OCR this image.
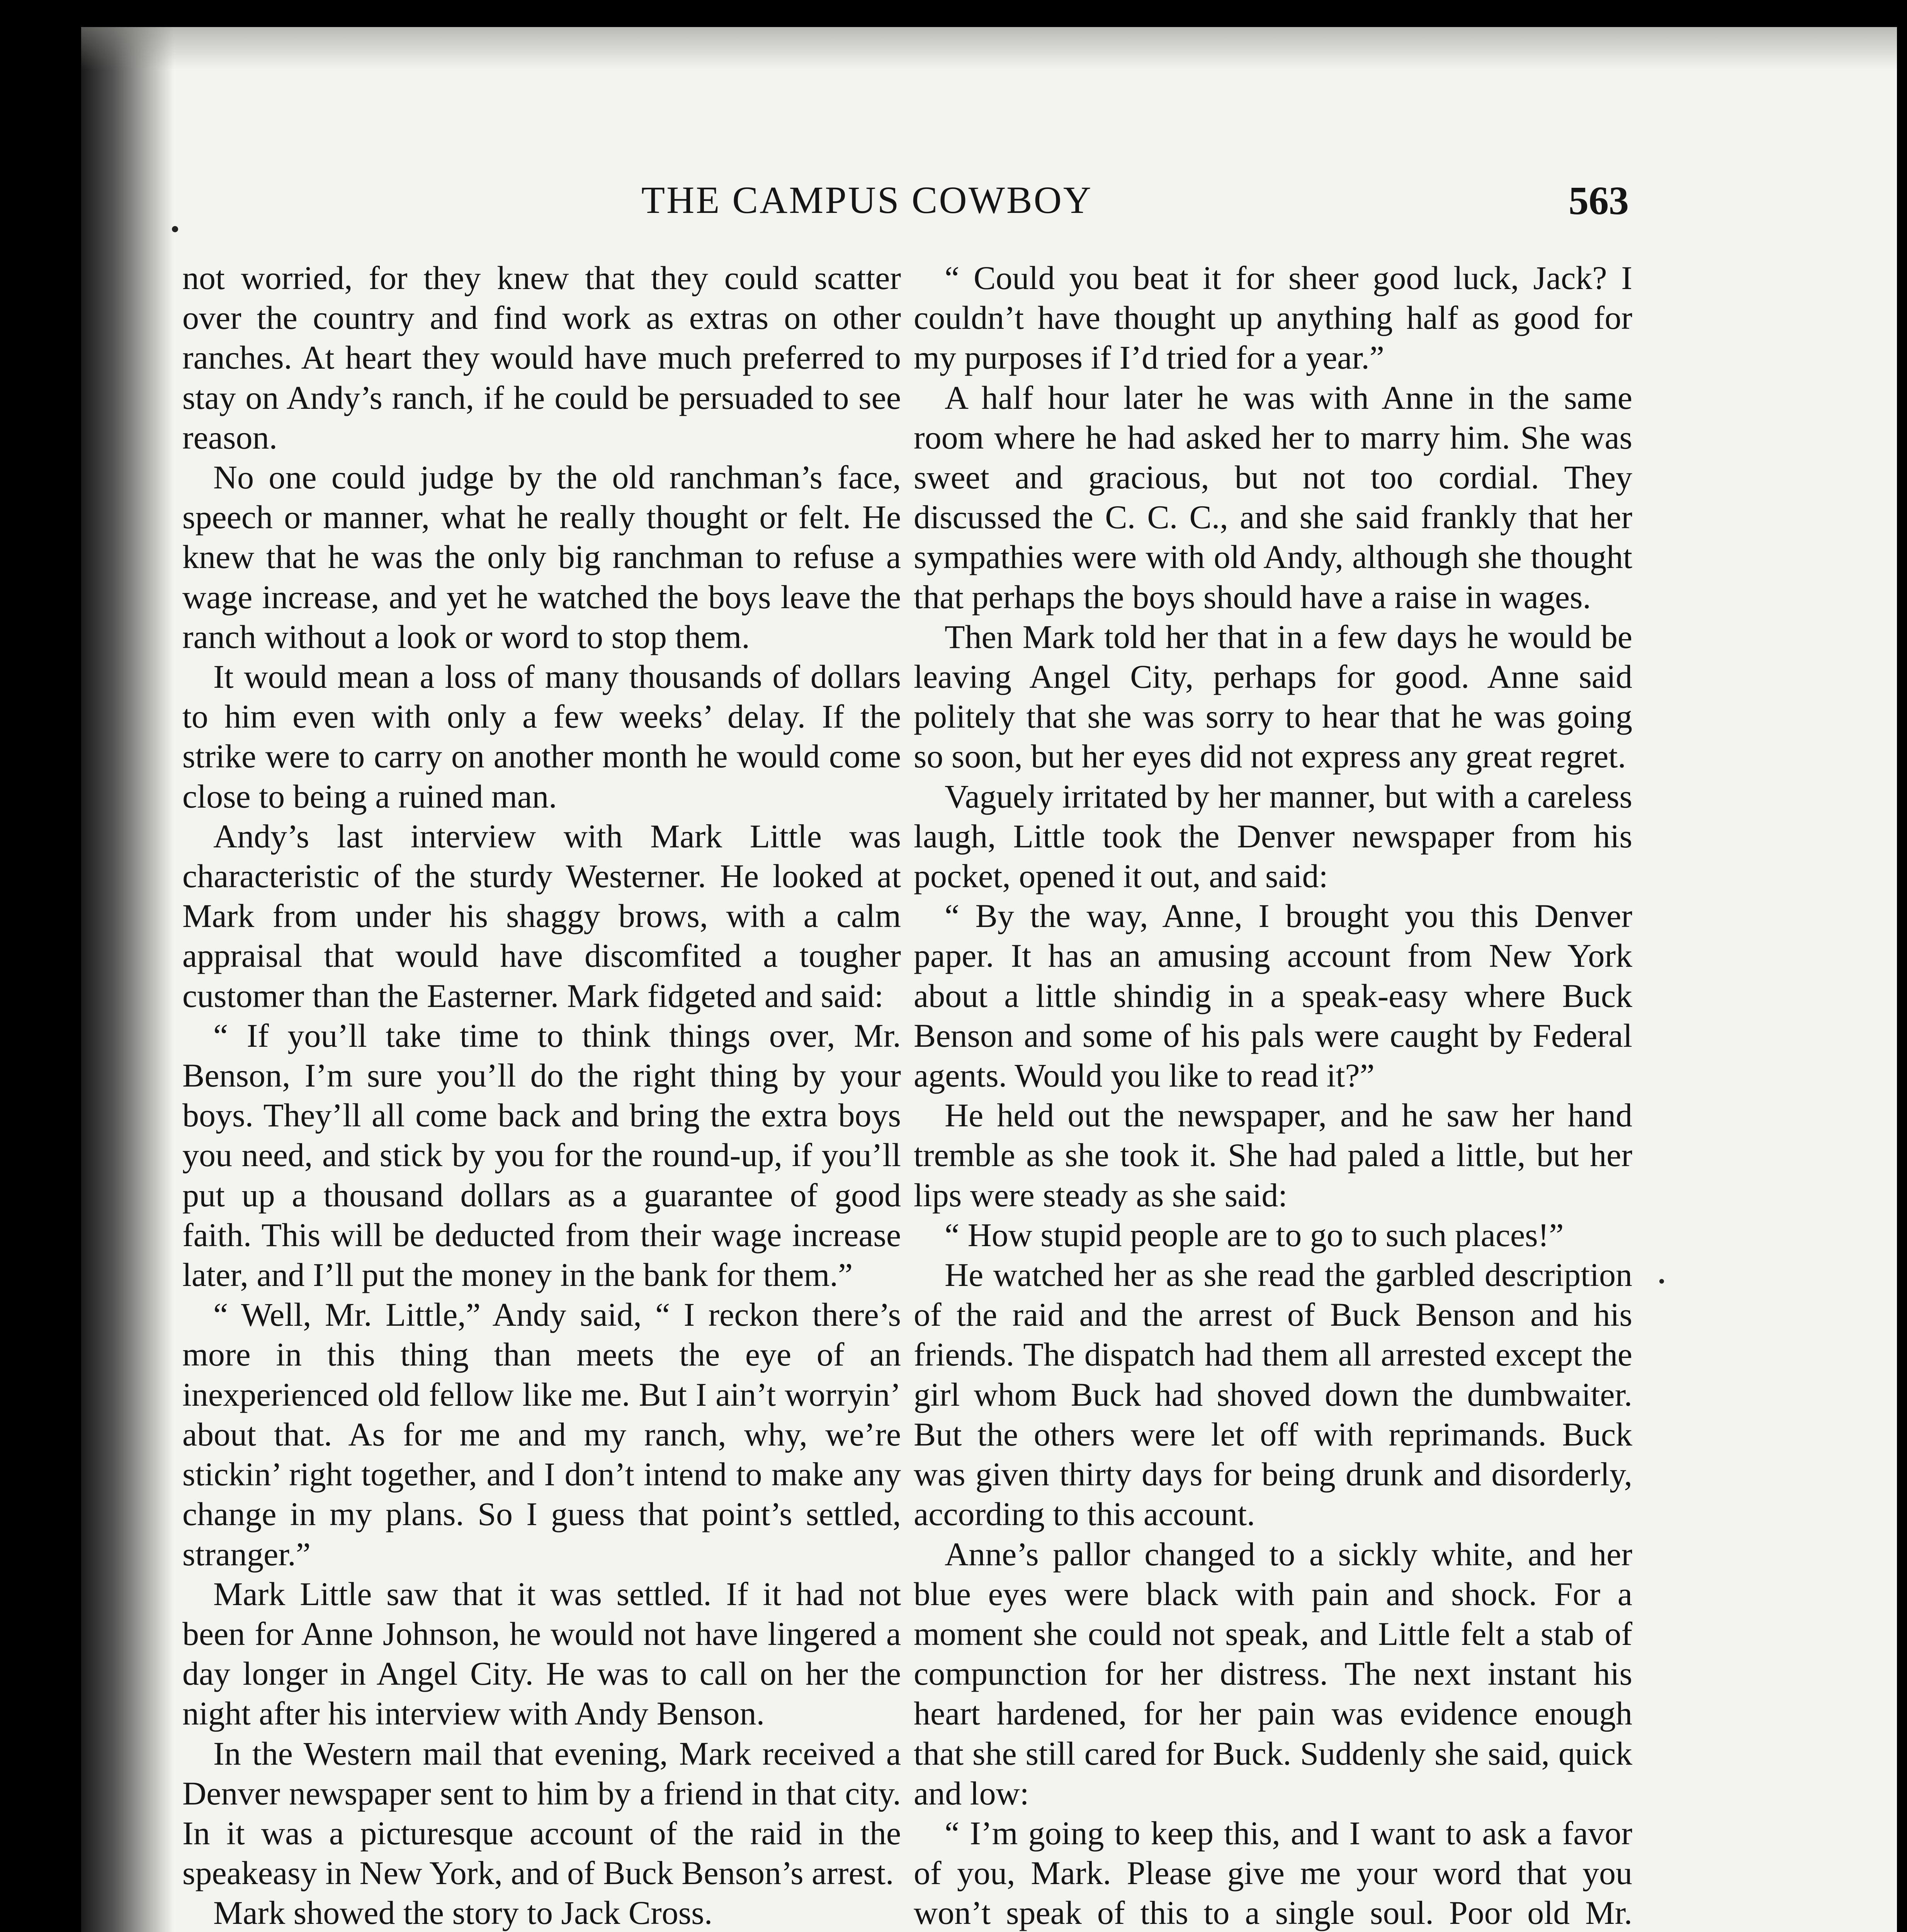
THE CAMPUS COWBOY	563

not worried, for they knew that they could scatter over the country and find work as extras on other ranches. At heart they would have much preferred to stay on Andy’s ranch, if he could be persuaded to see reason.

No one could judge by the old ranchman’s face, speech or manner, what he really thought or felt. He knew that he was the only big ranchman to refuse a wage increase, and yet he watched the boys leave the ranch without a look or word to stop them.

It would mean a loss of many thousands of dollars to him even with only a few weeks’ delay. If the strike were to carry on another month he would come close to being a ruined man.

Andy’s last interview with Mark Little was characteristic of the sturdy Westerner. He looked at Mark from under his shaggy brows, with a calm appraisal that would have discomfited a tougher customer than the Easterner. Mark fidgeted and said:

“ If you’ll take time to think things over, Mr. Benson, I’m sure you’ll do the right thing by your boys. They’ll all come back and bring the extra boys you need, and stick by you for the round-up, if you’ll put up a thousand dollars as a guarantee of good faith. This will be deducted from their wage increase later, and I’ll put the money in the bank for them.”

“ Well, Mr. Little,” Andy said, “ I reckon there’s more in this thing than meets the eye of an inexperienced old fellow like me. But I ain’t worryin’ about that. As for me and my ranch, why, we’re stickin’ right together, and I don’t intend to make any change in my plans. So I guess that point’s settled, stranger.”

Mark Little saw that it was settled. If it had not been for Anne Johnson, he would not have lingered a day longer in Angel City. He was to call on her the night after his interview with Andy Benson.

In the Western mail that evening, Mark received a Denver newspaper sent to him by a friend in that city. In it was a picturesque account of the raid in the speakeasy in New York, and of Buck Benson’s arrest.

Mark showed the story to Jack Cross.

“ Could you beat it for sheer good luck, Jack? I couldn’t have thought up anything half as good for my purposes if I’d tried for a year.”

A half hour later he was with Anne in the same room where he had asked her to marry him. She was sweet and gracious, but not too cordial. They discussed the C. C. C., and she said frankly that her sympathies were with old Andy, although she thought that perhaps the boys should have a raise in wages.

Then Mark told her that in a few days he would be leaving Angel City, perhaps for good. Anne said politely that she was sorry to hear that he was going so soon, but her eyes did not express any great regret.

Vaguely irritated by her manner, but with a careless laugh, Little took the Denver newspaper from his pocket, opened it out, and said:

“ By the way, Anne, I brought you this Denver paper. It has an amusing account from New York about a little shindig in a speak-easy where Buck Benson and some of his pals were caught by Federal agents. Would you like to read it?”

He held out the newspaper, and he saw her hand tremble as she took it. She had paled a little, but her lips were steady as she said:

“ How stupid people are to go to such places!”

He watched her as she read the garbled description of the raid and the arrest of Buck Benson and his friends. The dispatch had them all arrested except the girl whom Buck had shoved down the dumbwaiter. But the others were let off with reprimands. Buck was given thirty days for being drunk and disorderly, according to this account.

Anne’s pallor changed to a sickly white, and her blue eyes were black with pain and shock. For a moment she could not speak, and Little felt a stab of compunction for her distress. The next instant his heart hardened, for her pain was evidence enough that she still cared for Buck. Suddenly she said, quick and low:

“ I’m going to keep this, and I want to ask a favor of you, Mark. Please give me your word that you won’t speak of this to a single soul. Poor old Mr.
